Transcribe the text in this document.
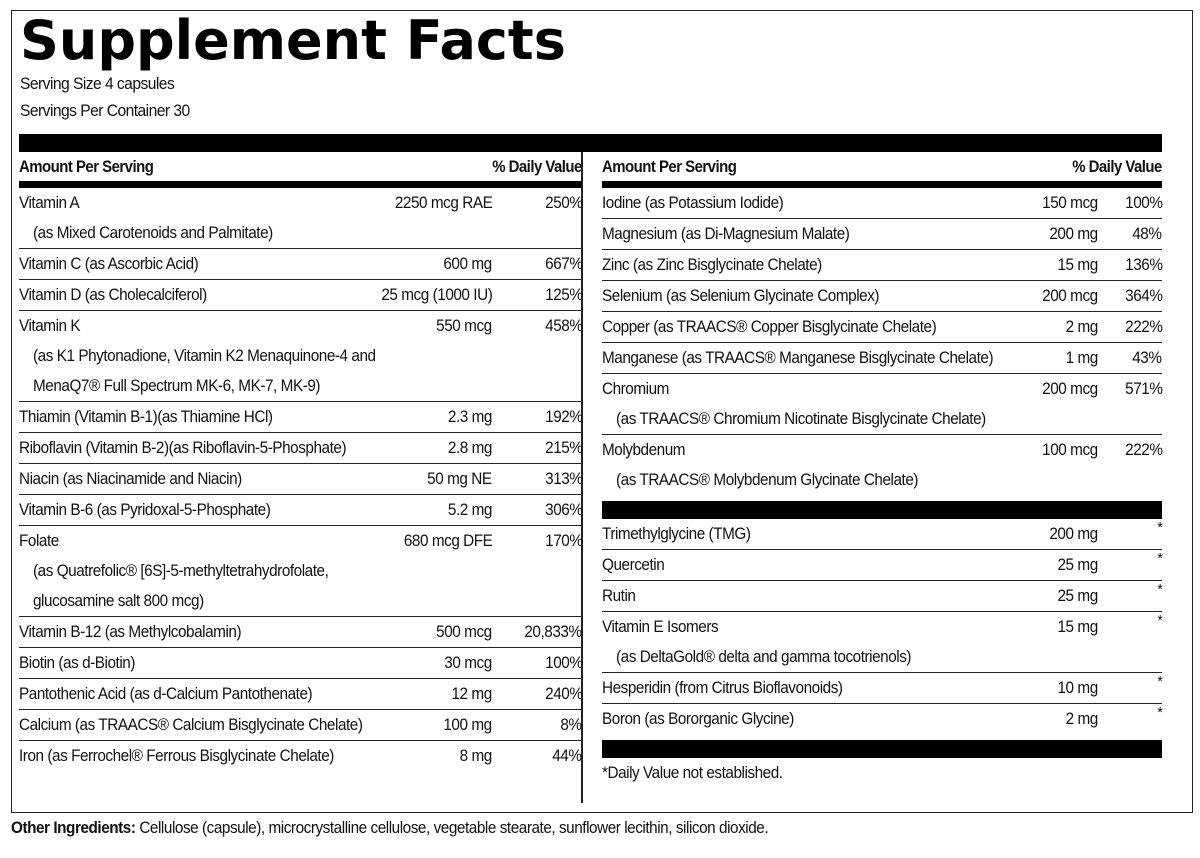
Supplement Facts
Serving Size 4 capsules
Servings Per Container 30
Amount Per Serving	% Daily Value
Vitamin A	2250 mcg RAE	250%
(as Mixed Carotenoids and Palmitate)
Vitamin C (as Ascorbic Acid)	600 mg	667%
Vitamin D (as Cholecalciferol)	25 mcg (1000 IU)	125%
Vitamin K	550 mcg	458%
(as K1 Phytonadione, Vitamin K2 Menaquinone-4 and
MenaQ7® Full Spectrum MK-6, MK-7, MK-9)
Thiamin (Vitamin B-1)(as Thiamine HCl)	2.3 mg	192%
Riboflavin (Vitamin B-2)(as Riboflavin-5-Phosphate)	2.8 mg	215%
Niacin (as Niacinamide and Niacin)	50 mg NE	313%
Vitamin B-6 (as Pyridoxal-5-Phosphate)	5.2 mg	306%
Folate	680 mcg DFE	170%
(as Quatrefolic® [6S]-5-methyltetrahydrofolate,
glucosamine salt 800 mcg)
Vitamin B-12 (as Methylcobalamin)	500 mcg 20,833%
Biotin (as d-Biotin)	30 mcg	100%
Pantothenic Acid (as d-Calcium Pantothenate)	12 mg	240%
Calcium (as TRAACS® Calcium Bisglycinate Chelate)	100 mg	8%
Iron (as Ferrochel® Ferrous Bisglycinate Chelate)	8 mg	44%
Amount Per Serving	% Daily Value
Iodine (as Potassium Iodide)	150 mcg 100%
Magnesium (as Di-Magnesium Malate)	200 mg 48%
Zinc (as Zinc Bisglycinate Chelate)	15 mg 136%
Selenium (as Selenium Glycinate Complex)	200 mcg 364%
Copper (as TRAACS® Copper Bisglycinate Chelate)	2 mg 222%
Manganese (as TRAACS® Manganese Bisglycinate Chelate)	1 mg 43%
Chromium	200 mcg 571%
(as TRAACS® Chromium Nicotinate Bisglycinate Chelate)
Molybdenum	100 mcg 222%
(as TRAACS® Molybdenum Glycinate Chelate)
Trimethylglycine (TMG)	200 mg	*
Quercetin	25 mg	*
Rutin	25 mg	*
Vitamin E Isomers	15 mg	*
(as DeltaGold® delta and gamma tocotrienols)
Hesperidin (from Citrus Bioflavonoids)	10 mg	*
Boron (as Bororganic Glycine)	2 mg	*
*Daily Value not established.
Other Ingredients: Cellulose (capsule), microcrystalline cellulose, vegetable stearate, sunflower lecithin, silicon dioxide.
